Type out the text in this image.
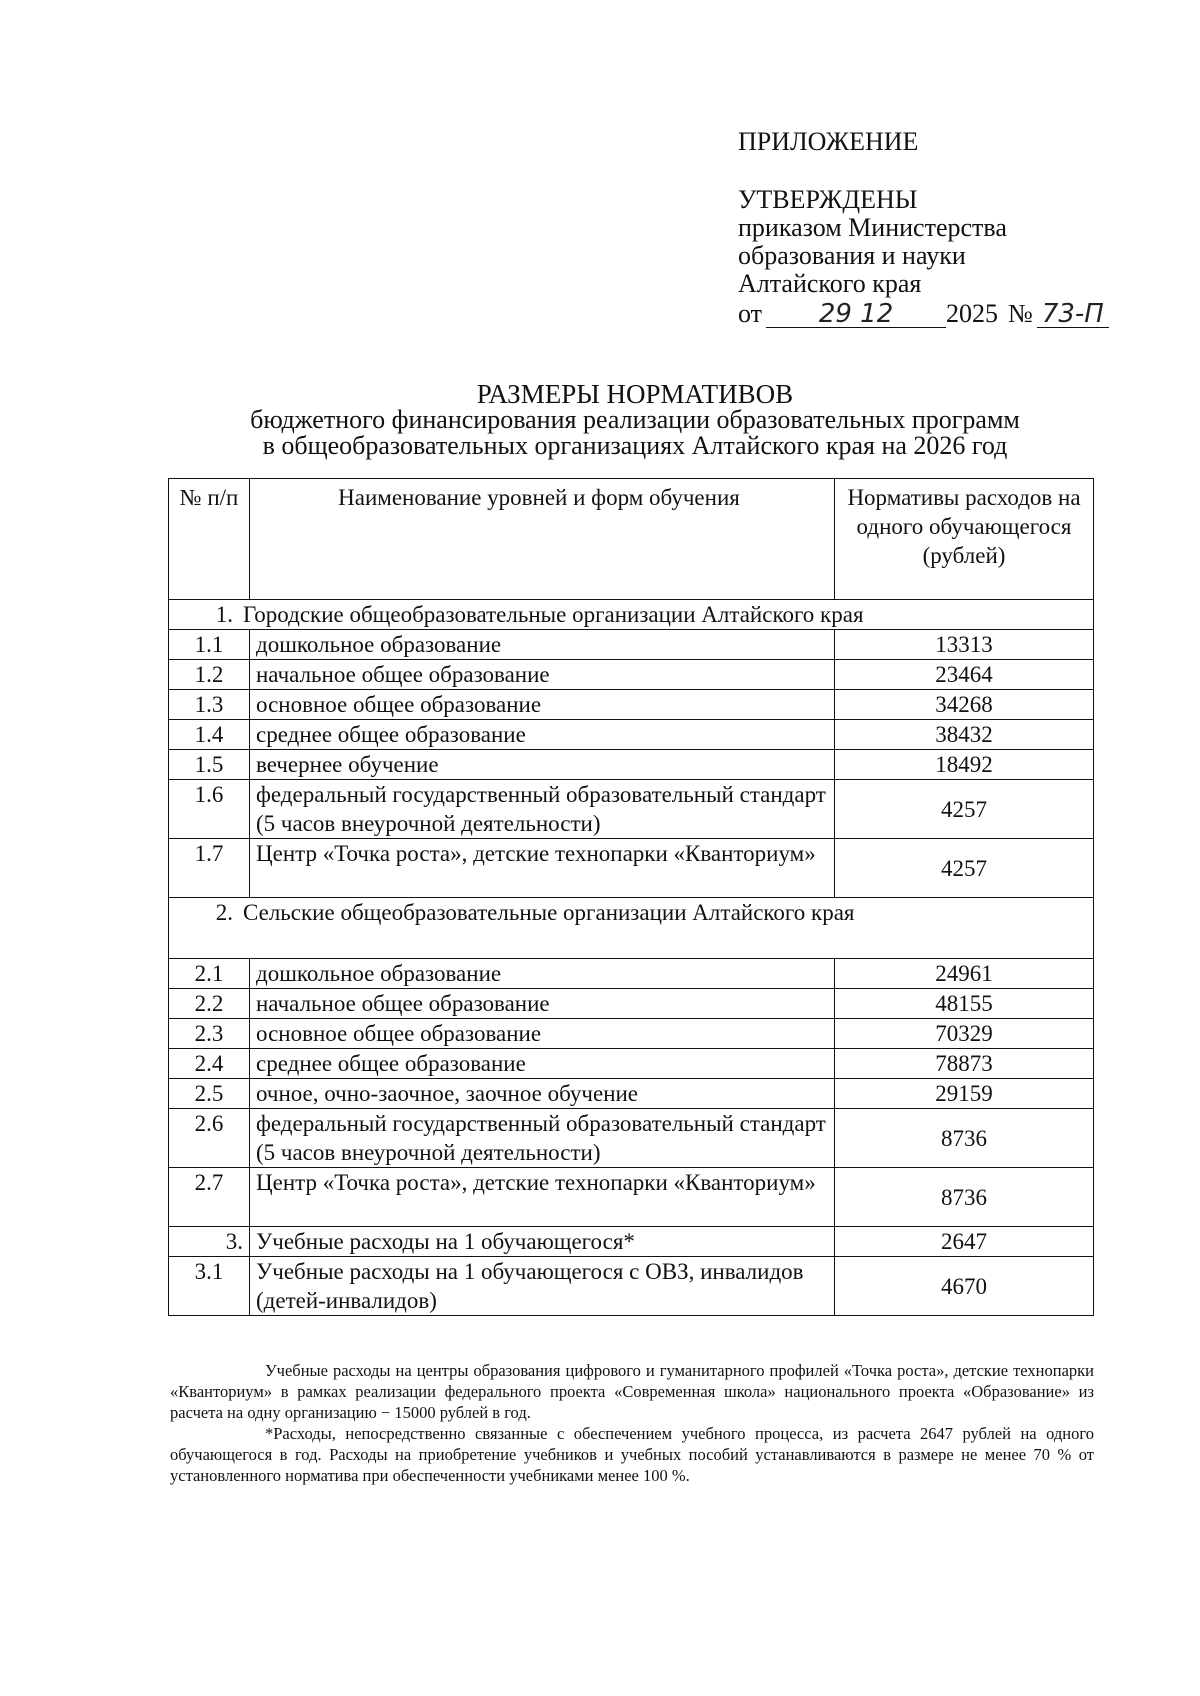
ПРИЛОЖЕНИЕ
УТВЕРЖДЕНЫ
приказом Министерства
образования и науки
Алтайского края
от	29 12	2025 № 73-П
РАЗМЕРЫ НОРМАТИВОВ
бюджетного финансирования реализации образовательных программ
в общеобразовательных организациях Алтайского края на 2026 год
№ п/п	Наименование уровней и форм обучения	Нормативы расходов на одного обучающегося (рублей)
1. Городские общеобразовательные организации Алтайского края		
1.1	дошкольное образование	13313
1.2	начальное общее образование	23464
1.3	основное общее образование	34268
1.4	среднее общее образование	38432
1.5	вечернее обучение	18492
1.6	федеральный государственный образовательный стандарт (5 часов внеурочной деятельности)	4257
1.7	Центр «Точка роста», детские технопарки «Кванториум»	4257
2. Сельские общеобразовательные организации Алтайского края		
2.1	дошкольное образование	24961
2.2	начальное общее образование	48155
2.3	основное общее образование	70329
2.4	среднее общее образование	78873
2.5	очное, очно-заочное, заочное обучение	29159
2.6	федеральный государственный образовательный стандарт (5 часов внеурочной деятельности)	8736
2.7	Центр «Точка роста», детские технопарки «Кванториум»	8736
3.	Учебные расходы на 1 обучающегося*	2647
3.1	Учебные расходы на 1 обучающегося с ОВЗ, инвалидов (детей-инвалидов)	4670

Учебные расходы на центры образования цифрового и гуманитарного профилей «Точка роста», детские технопарки «Кванториум» в рамках реализации федерального проекта «Современная школа» национального проекта «Образование» из расчета на одну организацию − 15000 рублей в год.

*Расходы, непосредственно связанные с обеспечением учебного процесса, из расчета 2647 рублей на одного обучающегося в год. Расходы на приобретение учебников и учебных пособий устанавливаются в размере не менее 70 % от установленного норматива при обеспеченности учебниками менее 100 %.
